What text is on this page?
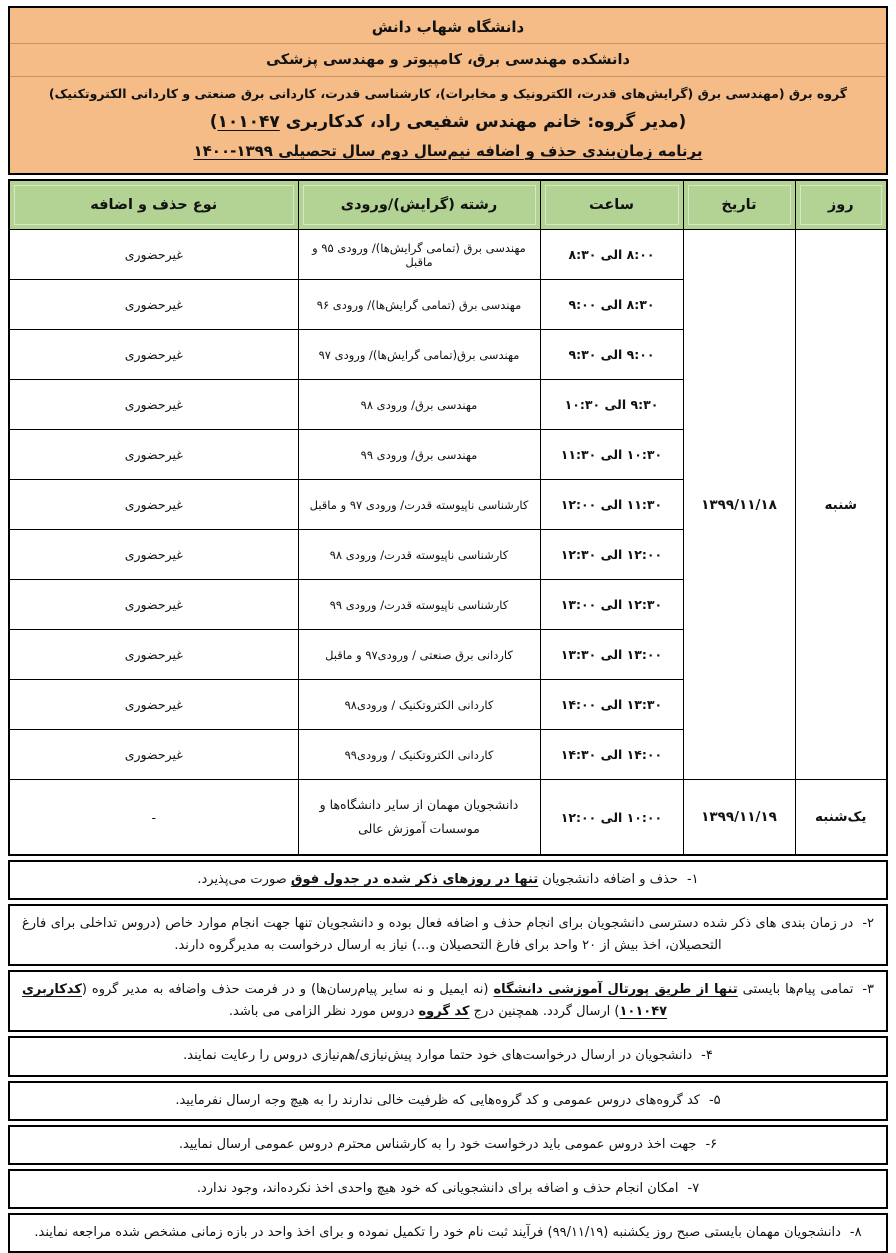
دانشگاه شهاب دانش
دانشکده مهندسی برق، کامپیوتر و مهندسی پزشکی
گروه برق (مهندسی برق (گرایش‌های قدرت، الکترونیک و مخابرات)، کارشناسی قدرت، کاردانی برق صنعتی و کاردانی الکتروتکنیک)
(مدیر گروه: خانم مهندس شفیعی راد، کدکاربری ۱۰۱۰۴۷)
برنامه زمان‌بندی حذف و اضافه نیم‌سال دوم سال تحصیلی ۱۳۹۹-۱۴۰۰
روز	تاریخ	ساعت	رشته (گرایش)/ورودی	نوع حذف و اضافه
شنبه	۱۳۹۹/۱۱/۱۸	۸:۰۰ الی ۸:۳۰	مهندسی برق (تمامی گرایش‌ها)/ ورودی ۹۵ و ماقبل	غیرحضوری
		۸:۳۰ الی ۹:۰۰	مهندسی برق (تمامی گرایش‌ها)/ ورودی ۹۶	غیرحضوری
		۹:۰۰ الی ۹:۳۰	مهندسی برق(تمامی گرایش‌ها)/ ورودی ۹۷	غیرحضوری
		۹:۳۰ الی ۱۰:۳۰	مهندسی برق/ ورودی ۹۸	غیرحضوری
		۱۰:۳۰ الی ۱۱:۳۰	مهندسی برق/ ورودی ۹۹	غیرحضوری
		۱۱:۳۰ الی ۱۲:۰۰	کارشناسی ناپیوسته قدرت/ ورودی ۹۷ و ماقبل	غیرحضوری
		۱۲:۰۰ الی ۱۲:۳۰	کارشناسی ناپیوسته قدرت/ ورودی ۹۸	غیرحضوری
		۱۲:۳۰ الی ۱۳:۰۰	کارشناسی ناپیوسته قدرت/ ورودی ۹۹	غیرحضوری
		۱۳:۰۰ الی ۱۳:۳۰	کاردانی برق صنعتی / ورودی۹۷ و ماقبل	غیرحضوری
		۱۳:۳۰ الی ۱۴:۰۰	کاردانی الکتروتکنیک / ورودی۹۸	غیرحضوری
		۱۴:۰۰ الی ۱۴:۳۰	کاردانی الکتروتکنیک / ورودی۹۹	غیرحضوری
یک‌شنبه	۱۳۹۹/۱۱/۱۹	۱۰:۰۰ الی ۱۲:۰۰	دانشجویان مهمان از سایر دانشگاه‌ها و موسسات آموزش عالی	-
۱-حذف و اضافه دانشجویان تنها در روزهای ذکر شده در جدول فوق صورت می‌پذیرد.
۲-در زمان بندی های ذکر شده دسترسی دانشجویان برای انجام حذف و اضافه فعال بوده و دانشجویان تنها جهت انجام موارد خاص (دروس تداخلی برای فارغ التحصیلان، اخذ بیش از ۲۰ واحد برای فارغ التحصیلان و...) نیاز به ارسال درخواست به مدیرگروه دارند.
۳-تمامی پیام‌ها بایستی تنها از طریق پورتال آموزشی دانشگاه (نه ایمیل و نه سایر پیام‌رسان‌ها) و در فرمت حذف واضافه به مدیر گروه (کدکاربری ۱۰۱۰۴۷) ارسال گردد. همچنین درج کد گروه دروس مورد نظر الزامی می باشد.
۴-دانشجویان در ارسال درخواست‌های خود حتما موارد پیش‌نیازی/هم‌نیازی دروس را رعایت نمایند.
۵-کد گروه‌های دروس عمومی و کد گروه‌هایی که ظرفیت خالی ندارند را به هیچ وجه ارسال نفرمایید.
۶-جهت اخذ دروس عمومی باید درخواست خود را به کارشناس محترم دروس عمومی ارسال نمایید.
۷-امکان انجام حذف و اضافه برای دانشجویانی که خود هیچ واحدی اخذ نکرده‌اند، وجود ندارد.
۸-دانشجویان مهمان بایستی صبح روز یکشنبه (۹۹/۱۱/۱۹) فرآیند ثبت نام خود را تکمیل نموده و برای اخذ واحد در بازه زمانی مشخص شده مراجعه نمایند.
